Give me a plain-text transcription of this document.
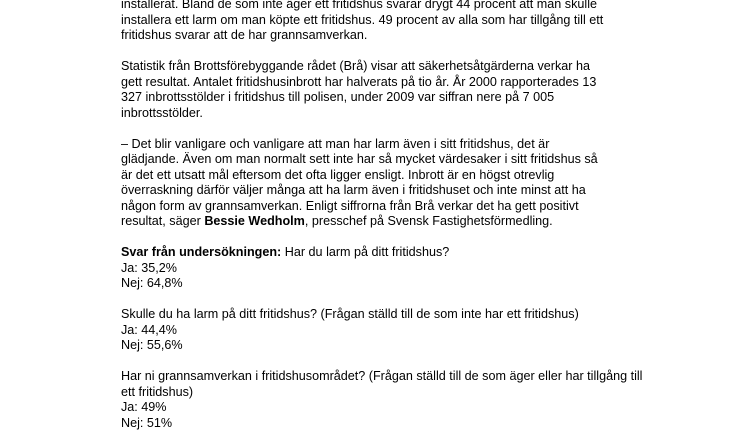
installerat. Bland de som inte äger ett fritidshus svarar drygt 44 procent att man skulle

installera ett larm om man köpte ett fritidshus. 49 procent av alla som har tillgång till ett

fritidshus svarar att de har grannsamverkan.

Statistik från Brottsförebyggande rådet (Brå) visar att säkerhetsåtgärderna verkar ha

gett resultat. Antalet fritidshusinbrott har halverats på tio år. År 2000 rapporterades 13

327 inbrottsstölder i fritidshus till polisen, under 2009 var siffran nere på 7 005

inbrottsstölder.

– Det blir vanligare och vanligare att man har larm även i sitt fritidshus, det är

glädjande. Även om man normalt sett inte har så mycket värdesaker i sitt fritidshus så

är det ett utsatt mål eftersom det ofta ligger ensligt. Inbrott är en högst otrevlig

överraskning därför väljer många att ha larm även i fritidshuset och inte minst att ha

någon form av grannsamverkan. Enligt siffrorna från Brå verkar det ha gett positivt

resultat, säger Bessie Wedholm, presschef på Svensk Fastighetsförmedling.

Svar från undersökningen: Har du larm på ditt fritidshus?

Ja: 35,2%

Nej: 64,8%

Skulle du ha larm på ditt fritidshus? (Frågan ställd till de som inte har ett fritidshus)

Ja: 44,4%

Nej: 55,6%

Har ni grannsamverkan i fritidshusområdet? (Frågan ställd till de som äger eller har tillgång till

ett fritidshus)

Ja: 49%

Nej: 51%
